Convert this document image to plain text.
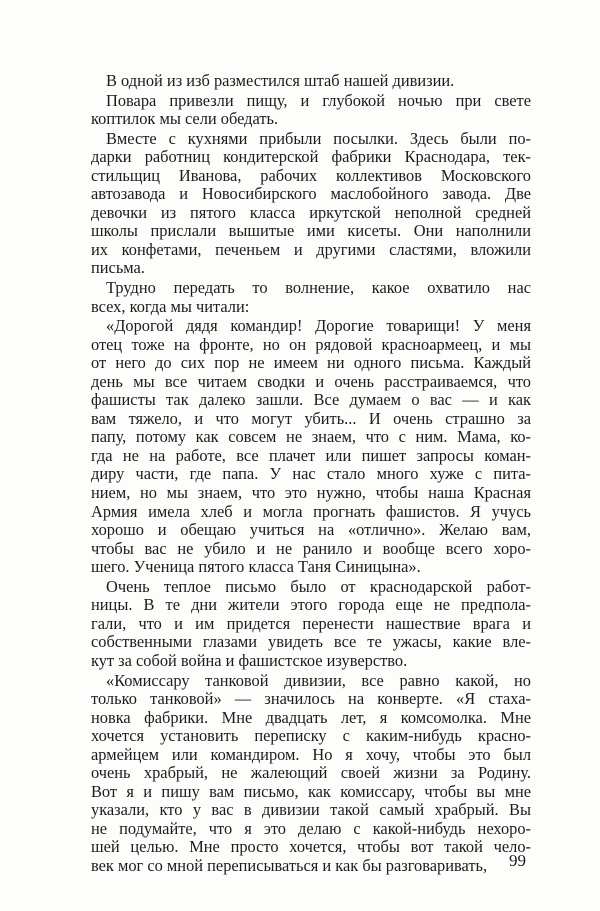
В одной из изб разместился штаб нашей дивизии.
Повара привезли пищу, и глубокой ночью при свете
коптилок мы сели обедать.
Вместе с кухнями прибыли посылки. Здесь были по-
дарки работниц кондитерской фабрики Краснодара, тек-
стильщиц Иванова, рабочих коллективов Московского
автозавода и Новосибирского маслобойного завода. Две
девочки из пятого класса иркутской неполной средней
школы прислали вышитые ими кисеты. Они наполнили
их конфетами, печеньем и другими сластями, вложили
письма.
Трудно передать то волнение, какое охватило нас
всех, когда мы читали:
«Дорогой дядя командир! Дорогие товарищи! У меня
отец тоже на фронте, но он рядовой красноармеец, и мы
от него до сих пор не имеем ни одного письма. Каждый
день мы все читаем сводки и очень расстраиваемся, что
фашисты так далеко зашли. Все думаем о вас — и как
вам тяжело, и что могут убить... И очень страшно за
папу, потому как совсем не знаем, что с ним. Мама, ко-
гда не на работе, все плачет или пишет запросы коман-
диру части, где папа. У нас стало много хуже с пита-
нием, но мы знаем, что это нужно, чтобы наша Красная
Армия имела хлеб и могла прогнать фашистов. Я учусь
хорошо и обещаю учиться на «отлично». Желаю вам,
чтобы вас не убило и не ранило и вообще всего хоро-
шего. Ученица пятого класса Таня Синицына».
Очень теплое письмо было от краснодарской работ-
ницы. В те дни жители этого города еще не предпола-
гали, что и им придется перенести нашествие врага и
собственными глазами увидеть все те ужасы, какие вле-
кут за собой война и фашистское изуверство.
«Комиссару танковой дивизии, все равно какой, но
только танковой» — значилось на конверте. «Я стаха-
новка фабрики. Мне двадцать лет, я комсомолка. Мне
хочется установить переписку с каким-нибудь красно-
армейцем или командиром. Но я хочу, чтобы это был
очень храбрый, не жалеющий своей жизни за Родину.
Вот я и пишу вам письмо, как комиссару, чтобы вы мне
указали, кто у вас в дивизии такой самый храбрый. Вы
не подумайте, что я это делаю с какой-нибудь нехоро-
шей целью. Мне просто хочется, чтобы вот такой чело-
век мог со мной переписываться и как бы разговаривать,	99
